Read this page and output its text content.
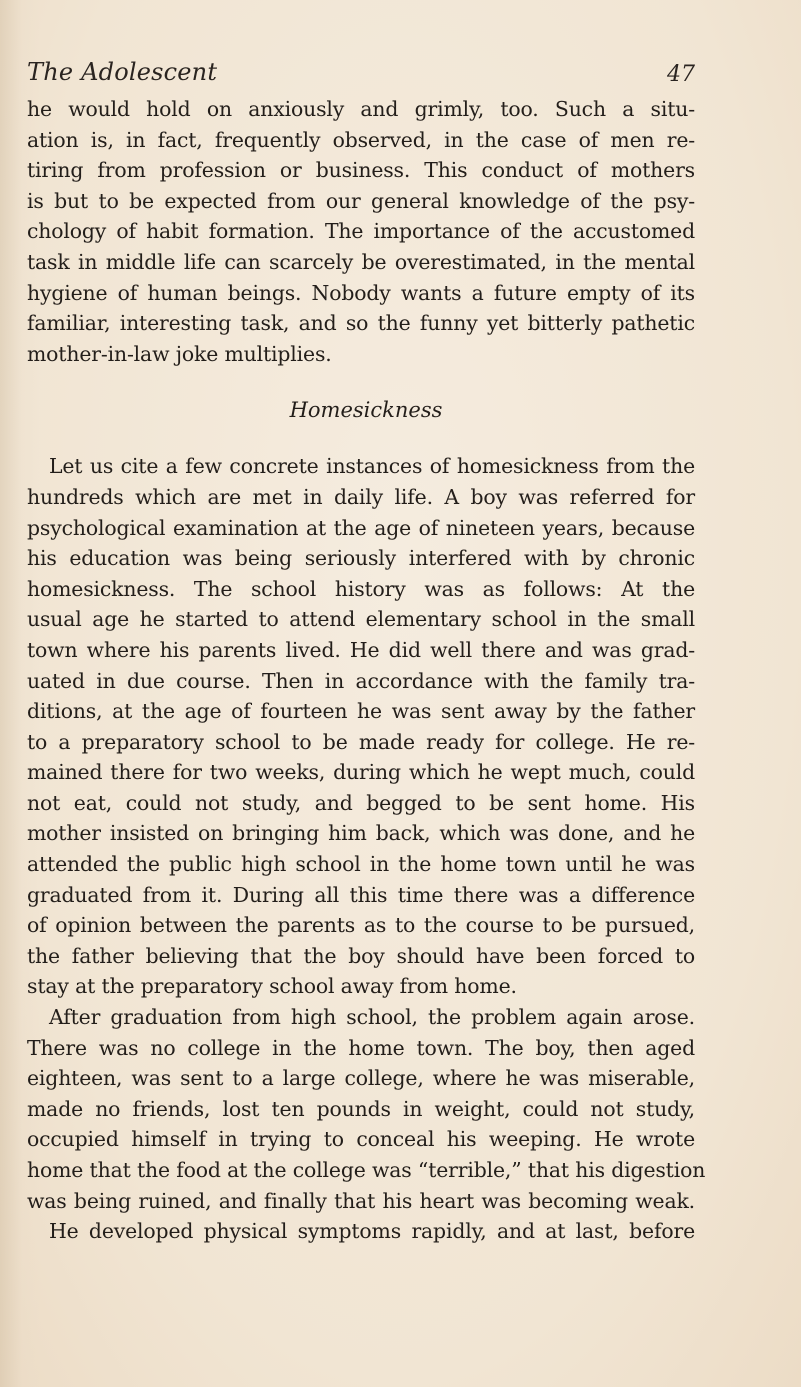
The Adolescent	47
he would hold on anxiously and grimly, too. Such a situ-
ation is, in fact, frequently observed, in the case of men re-
tiring from profession or business. This conduct of mothers
is but to be expected from our general knowledge of the psy-
chology of habit formation. The importance of the accustomed
task in middle life can scarcely be overestimated, in the mental
hygiene of human beings. Nobody wants a future empty of its
familiar, interesting task, and so the funny yet bitterly pathetic
mother-in-law joke multiplies.
Homesickness
Let us cite a few concrete instances of homesickness from the
hundreds which are met in daily life. A boy was referred for
psychological examination at the age of nineteen years, because
his education was being seriously interfered with by chronic
homesickness. The school history was as follows: At the
usual age he started to attend elementary school in the small
town where his parents lived. He did well there and was grad-
uated in due course. Then in accordance with the family tra-
ditions, at the age of fourteen he was sent away by the father
to a preparatory school to be made ready for college. He re-
mained there for two weeks, during which he wept much, could
not eat, could not study, and begged to be sent home. His
mother insisted on bringing him back, which was done, and he
attended the public high school in the home town until he was
graduated from it. During all this time there was a difference
of opinion between the parents as to the course to be pursued,
the father believing that the boy should have been forced to
stay at the preparatory school away from home.
After graduation from high school, the problem again arose.
There was no college in the home town. The boy, then aged
eighteen, was sent to a large college, where he was miserable,
made no friends, lost ten pounds in weight, could not study,
occupied himself in trying to conceal his weeping. He wrote
home that the food at the college was “terrible,” that his digestion
was being ruined, and finally that his heart was becoming weak.
He developed physical symptoms rapidly, and at last, before
